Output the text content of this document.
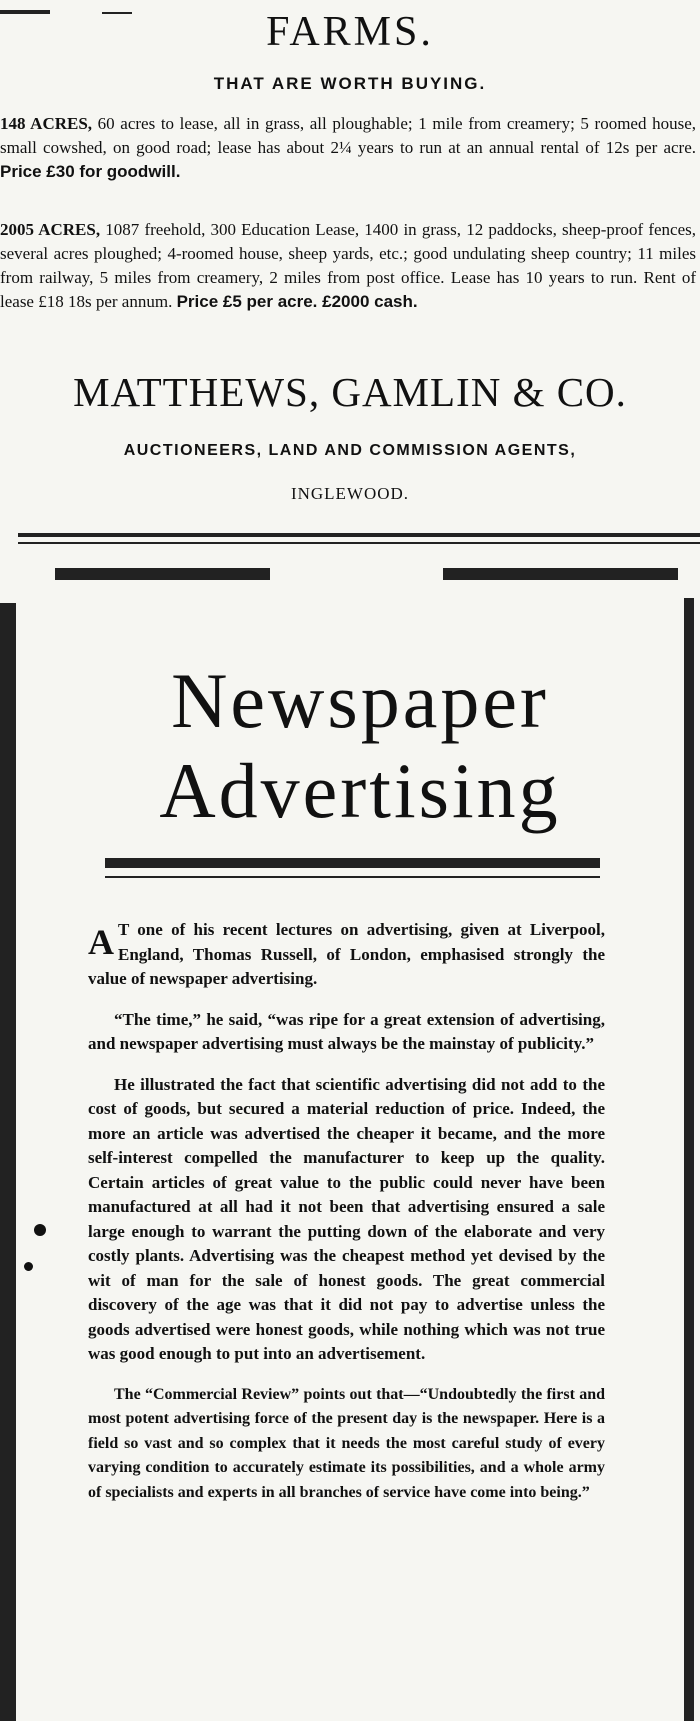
FARMS.
THAT ARE WORTH BUYING.
148 ACRES, 60 acres to lease, all in grass, all ploughable; 1 mile from creamery; 5 roomed house, small cowshed, on good road; lease has about 2¼ years to run at an annual rental of 12s per acre. Price £30 for goodwill.
2005 ACRES, 1087 freehold, 300 Education Lease, 1400 in grass, 12 paddocks, sheep-proof fences, several acres ploughed; 4-roomed house, sheep yards, etc.; good undulating sheep country; 11 miles from railway, 5 miles from creamery, 2 miles from post office. Lease has 10 years to run. Rent of lease £18 18s per annum. Price £5 per acre. £2000 cash.
MATTHEWS, GAMLIN & CO.
AUCTIONEERS, LAND AND COMMISSION AGENTS,
INGLEWOOD.
Newspaper
Advertising

A T one of his recent lectures on advertising, given at Liverpool, England, Thomas Russell, of London, emphasised strongly the value of newspaper advertising.

“The time,” he said, “was ripe for a great extension of advertising, and newspaper advertising must always be the mainstay of publicity.”

He illustrated the fact that scientific advertising did not add to the cost of goods, but secured a material reduction of price. Indeed, the more an article was advertised the cheaper it became, and the more self-interest compelled the manufacturer to keep up the quality. Certain articles of great value to the public could never have been manufactured at all had it not been that advertising ensured a sale large enough to warrant the putting down of the elaborate and very costly plants. Advertising was the cheapest method yet devised by the wit of man for the sale of honest goods. The great commercial discovery of the age was that it did not pay to advertise unless the goods advertised were honest goods, while nothing which was not true was good enough to put into an advertisement.

The “Commercial Review” points out that—“Undoubtedly the first and most potent advertising force of the present day is the newspaper. Here is a field so vast and so complex that it needs the most careful study of every varying condition to accurately estimate its possibilities, and a whole army of specialists and experts in all branches of service have come into being.”
